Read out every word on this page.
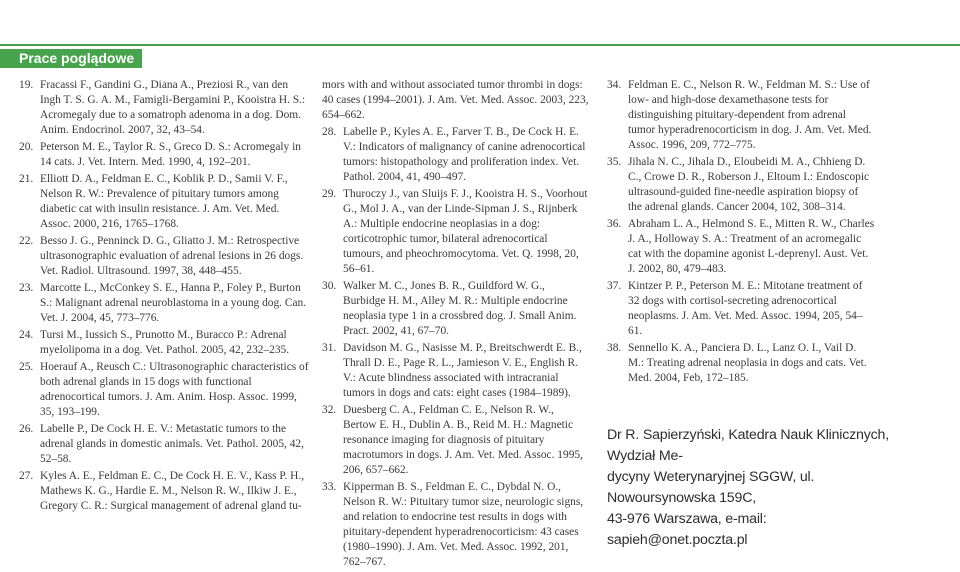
Prace poglądowe
19. Fracassi F., Gandini G., Diana A., Preziosi R., van den Ingh T. S. G. A. M., Famigli-Bergamini P., Kooistra H. S.: Acromegaly due to a somatroph adenoma in a dog. Dom. Anim. Endocrinol. 2007, 32, 43–54.
20. Peterson M. E., Taylor R. S., Greco D. S.: Acromegaly in 14 cats. J. Vet. Intern. Med. 1990, 4, 192–201.
21. Elliott D. A., Feldman E. C., Koblik P. D., Samii V. F., Nelson R. W.: Prevalence of pituitary tumors among diabetic cat with insulin resistance. J. Am. Vet. Med. Assoc. 2000, 216, 1765–1768.
22. Besso J. G., Penninck D. G., Gliatto J. M.: Retrospective ultrasonographic evaluation of adrenal lesions in 26 dogs. Vet. Radiol. Ultrasound. 1997, 38, 448–455.
23. Marcotte L., McConkey S. E., Hanna P., Foley P., Burton S.: Malignant adrenal neuroblastoma in a young dog. Can. Vet. J. 2004, 45, 773–776.
24. Tursi M., Iussich S., Prunotto M., Buracco P.: Adrenal myelolipoma in a dog. Vet. Pathol. 2005, 42, 232–235.
25. Hoerauf A., Reusch C.: Ultrasonographic characteristics of both adrenal glands in 15 dogs with functional adrenocortical tumors. J. Am. Anim. Hosp. Assoc. 1999, 35, 193–199.
26. Labelle P., De Cock H. E. V.: Metastatic tumors to the adrenal glands in domestic animals. Vet. Pathol. 2005, 42, 52–58.
27. Kyles A. E., Feldman E. C., De Cock H. E. V., Kass P. H., Mathews K. G., Hardie E. M., Nelson R. W., Ilkiw J. E., Gregory C. R.: Surgical management of adrenal gland tu-
mors with and without associated tumor thrombi in dogs: 40 cases (1994–2001). J. Am. Vet. Med. Assoc. 2003, 223, 654–662.
28. Labelle P., Kyles A. E., Farver T. B., De Cock H. E. V.: Indicators of malignancy of canine adrenocortical tumors: histopathology and proliferation index. Vet. Pathol. 2004, 41, 490–497.
29. Thuroczy J., van Sluijs F. J., Kooistra H. S., Voorhout G., Mol J. A., van der Linde-Sipman J. S., Rijnberk A.: Multiple endocrine neoplasias in a dog: corticotrophic tumor, bilateral adrenocortical tumours, and pheochromocytoma. Vet. Q. 1998, 20, 56–61.
30. Walker M. C., Jones B. R., Guildford W. G., Burbidge H. M., Alley M. R.: Multiple endocrine neoplasia type 1 in a crossbred dog. J. Small Anim. Pract. 2002, 41, 67–70.
31. Davidson M. G., Nasisse M. P., Breitschwerdt E. B., Thrall D. E., Page R. L., Jamieson V. E., English R. V.: Acute blindness associated with intracranial tumors in dogs and cats: eight cases (1984–1989).
32. Duesberg C. A., Feldman C. E., Nelson R. W., Bertow E. H., Dublin A. B., Reid M. H.: Magnetic resonance imaging for diagnosis of pituitary macrotumors in dogs. J. Am. Vet. Med. Assoc. 1995, 206, 657–662.
33. Kipperman B. S., Feldman E. C., Dybdal N. O., Nelson R. W.: Pituitary tumor size, neurologic signs, and relation to endocrine test results in dogs with pituitary-dependent hyperadrenocorticism: 43 cases (1980–1990). J. Am. Vet. Med. Assoc. 1992, 201, 762–767.
34. Feldman E. C., Nelson R. W., Feldman M. S.: Use of low- and high-dose dexamethasone tests for distinguishing pituitary-dependent from adrenal tumor hyperadrenocorticism in dog. J. Am. Vet. Med. Assoc. 1996, 209, 772–775.
35. Jihala N. C., Jihala D., Eloubeidi M. A., Chhieng D. C., Crowe D. R., Roberson J., Eltoum I.: Endoscopic ultrasound-guided fine-needle aspiration biopsy of the adrenal glands. Cancer 2004, 102, 308–314.
36. Abraham L. A., Helmond S. E., Mitten R. W., Charles J. A., Holloway S. A.: Treatment of an acromegalic cat with the dopamine agonist L-deprenyl. Aust. Vet. J. 2002, 80, 479–483.
37. Kintzer P. P., Peterson M. E.: Mitotane treatment of 32 dogs with cortisol-secreting adrenocortical neoplasms. J. Am. Vet. Med. Assoc. 1994, 205, 54–61.
38. Sennello K. A., Panciera D. L., Lanz O. I., Vail D. M.: Treating adrenal neoplasia in dogs and cats. Vet. Med. 2004, Feb, 172–185.
Dr R. Sapierzyński, Katedra Nauk Klinicznych, Wydział Me-
dycyny Weterynaryjnej SGGW, ul. Nowoursynowska 159C,
43-976 Warszawa, e-mail: sapieh@onet.poczta.pl
